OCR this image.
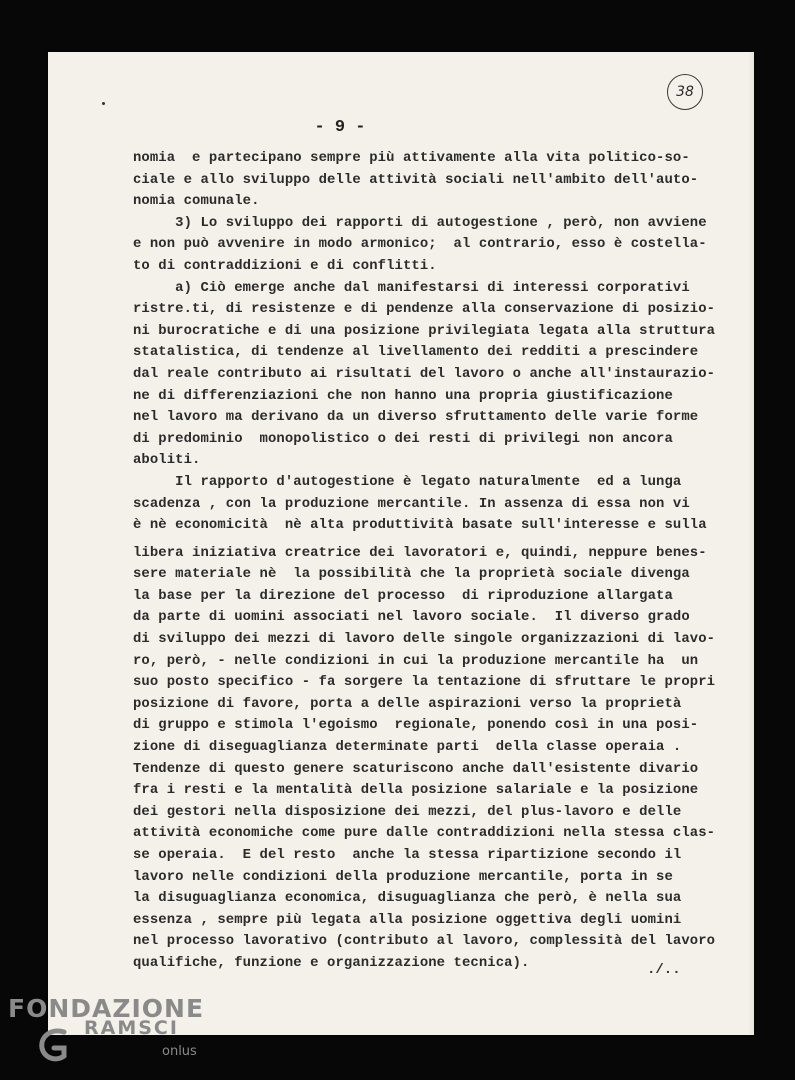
38
- 9 -
nomia  e partecipano sempre più attivamente alla vita politico-so-
ciale e allo sviluppo delle attività sociali nell'ambito dell'auto-
nomia comunale.
3) Lo sviluppo dei rapporti di autogestione , però, non avviene
e non può avvenire in modo armonico;  al contrario, esso è costella-
to di contraddizioni e di conflitti.
a) Ciò emerge anche dal manifestarsi di interessi corporativi
ristre.ti, di resistenze e di pendenze alla conservazione di posizio-
ni burocratiche e di una posizione privilegiata legata alla struttura
statalistica, di tendenze al livellamento dei redditi a prescindere
dal reale contributo ai risultati del lavoro o anche all'instaurazio-
ne di differenziazioni che non hanno una propria giustificazione
nel lavoro ma derivano da un diverso sfruttamento delle varie forme
di predominio  monopolistico o dei resti di privilegi non ancora
aboliti.
Il rapporto d'autogestione è legato naturalmente  ed a lunga
scadenza , con la produzione mercantile. In assenza di essa non vi
è nè economicità  nè alta produttività basate sull'interesse e sulla
libera iniziativa creatrice dei lavoratori e, quindi, neppure benes-
sere materiale nè  la possibilità che la proprietà sociale divenga
la base per la direzione del processo  di riproduzione allargata
da parte di uomini associati nel lavoro sociale.  Il diverso grado
di sviluppo dei mezzi di lavoro delle singole organizzazioni di lavo-
ro, però, - nelle condizioni in cui la produzione mercantile ha  un
suo posto specifico - fa sorgere la tentazione di sfruttare le propri
posizione di favore, porta a delle aspirazioni verso la proprietà
di gruppo e stimola l'egoismo  regionale, ponendo così in una posi-
zione di diseguaglianza determinate parti  della classe operaia .
Tendenze di questo genere scaturiscono anche dall'esistente divario
fra i resti e la mentalità della posizione salariale e la posizione
dei gestori nella disposizione dei mezzi, del plus-lavoro e delle
attività economiche come pure dalle contraddizioni nella stessa clas-
se operaia.  E del resto  anche la stessa ripartizione secondo il
lavoro nelle condizioni della produzione mercantile, porta in se
la disuguaglianza economica, disuguaglianza che però, è nella sua
essenza , sempre più legata alla posizione oggettiva degli uomini
nel processo lavorativo (contributo al lavoro, complessità del lavoro
qualifiche, funzione e organizzazione tecnica).	./..
FONDAZIONE
RAMSCI
onlus
